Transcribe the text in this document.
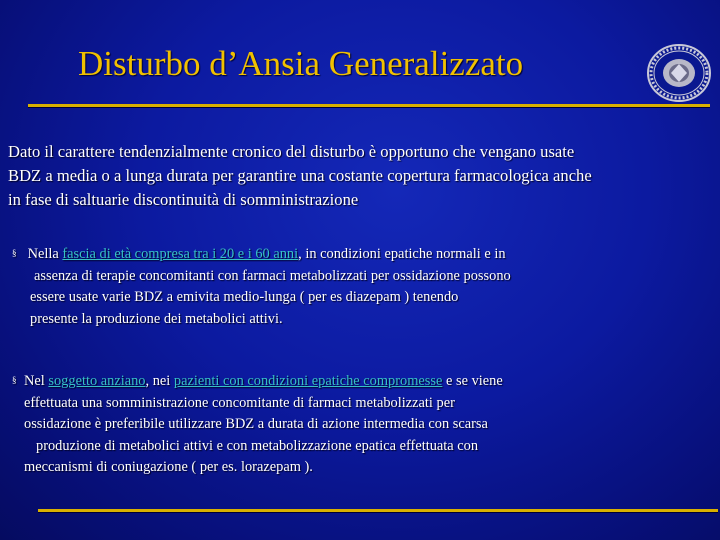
Disturbo d’Ansia Generalizzato
Dato il carattere tendenzialmente cronico del disturbo è opportuno che vengano usate
BDZ a media o a lunga durata per garantire una costante copertura farmacologica anche
in fase di saltuarie discontinuità di somministrazione
§ Nella fascia di età compresa tra i 20 e i 60 anni, in condizioni epatiche normali e in
assenza di terapie concomitanti con farmaci metabolizzati per ossidazione possono
essere usate varie BDZ a emivita medio-lunga ( per es diazepam ) tenendo
presente la produzione dei metabolici attivi.
§ Nel soggetto anziano, nei pazienti con condizioni epatiche compromesse e se viene
effettuata una somministrazione concomitante di farmaci metabolizzati per
ossidazione è preferibile utilizzare BDZ a durata di azione intermedia con scarsa
produzione di metabolici attivi e con metabolizzazione epatica effettuata con
meccanismi di coniugazione ( per es. lorazepam ).
